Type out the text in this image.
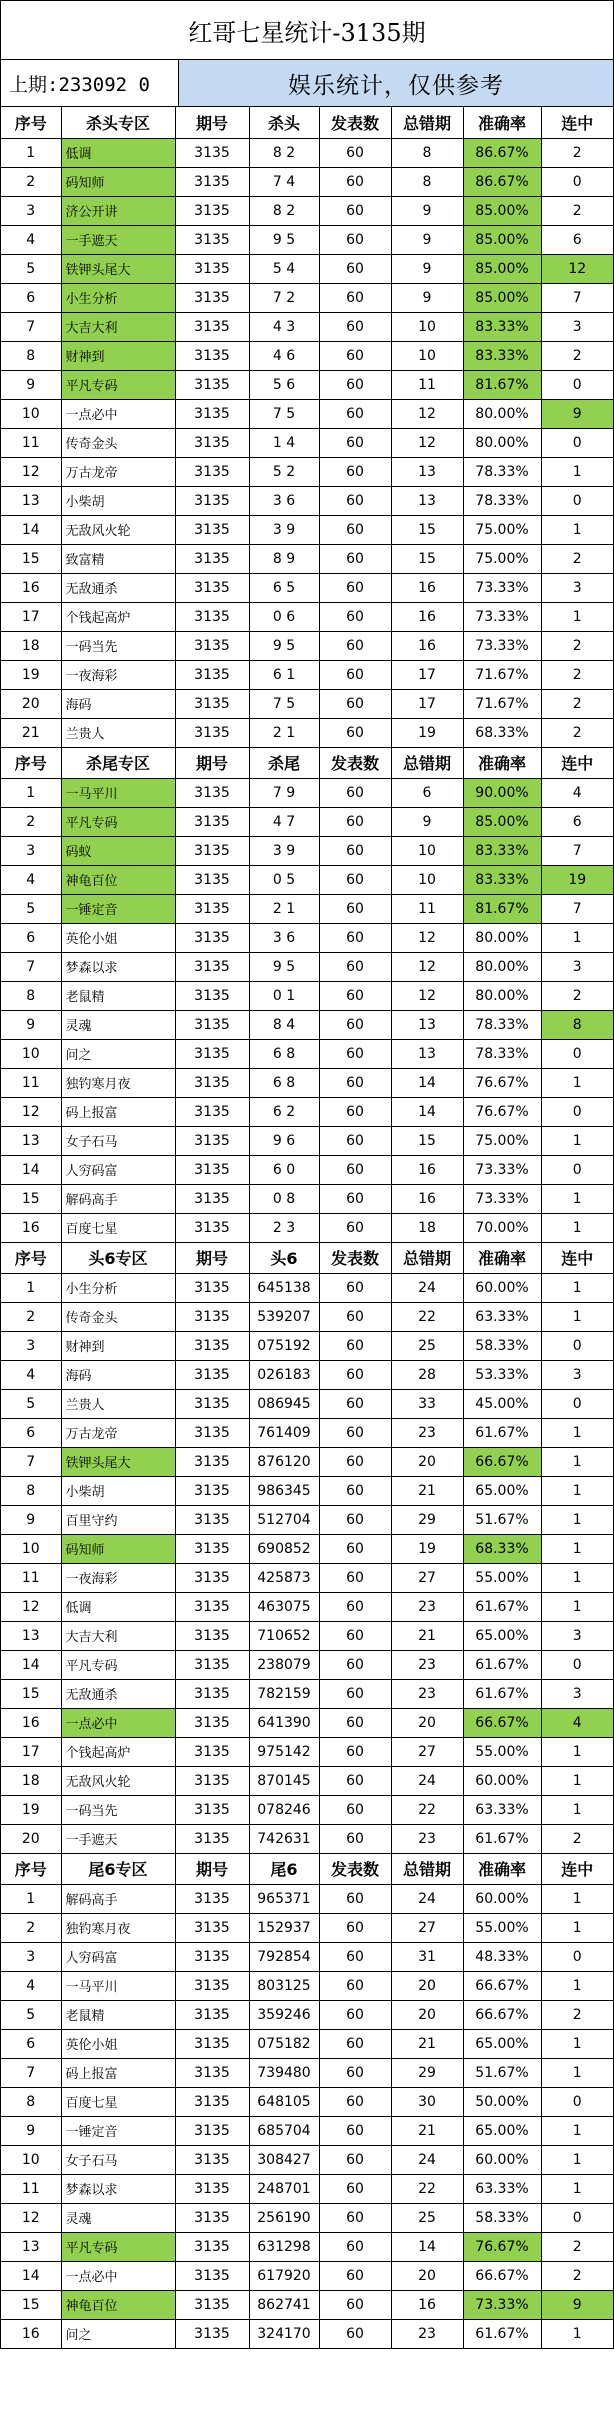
红哥七星统计-3135期
上期:233092 0	娱乐统计，仅供参考
序号	杀头专区	期号	杀头	发表数	总错期	准确率	连中
1	低调	3135	8 2	60	8	86.67%	2
2	码知师	3135	7 4	60	8	86.67%	0
3	济公开讲	3135	8 2	60	9	85.00%	2
4	一手遮天	3135	9 5	60	9	85.00%	6
5	铁钾头尾大	3135	5 4	60	9	85.00%	12
6	小生分析	3135	7 2	60	9	85.00%	7
7	大吉大利	3135	4 3	60	10	83.33%	3
8	财神到	3135	4 6	60	10	83.33%	2
9	平凡专码	3135	5 6	60	11	81.67%	0
10	一点必中	3135	7 5	60	12	80.00%	9
11	传奇金头	3135	1 4	60	12	80.00%	0
12	万古龙帝	3135	5 2	60	13	78.33%	1
13	小柴胡	3135	3 6	60	13	78.33%	0
14	无敌风火轮	3135	3 9	60	15	75.00%	1
15	致富精	3135	8 9	60	15	75.00%	2
16	无敌通杀	3135	6 5	60	16	73.33%	3
17	个钱起高炉	3135	0 6	60	16	73.33%	1
18	一码当先	3135	9 5	60	16	73.33%	2
19	一夜海彩	3135	6 1	60	17	71.67%	2
20	海码	3135	7 5	60	17	71.67%	2
21	兰贵人	3135	2 1	60	19	68.33%	2
序号	杀尾专区	期号	杀尾	发表数	总错期	准确率	连中
1	一马平川	3135	7 9	60	6	90.00%	4
2	平凡专码	3135	4 7	60	9	85.00%	6
3	码蚁	3135	3 9	60	10	83.33%	7
4	神龟百位	3135	0 5	60	10	83.33%	19
5	一锤定音	3135	2 1	60	11	81.67%	7
6	英伦小姐	3135	3 6	60	12	80.00%	1
7	梦森以求	3135	9 5	60	12	80.00%	3
8	老鼠精	3135	0 1	60	12	80.00%	2
9	灵魂	3135	8 4	60	13	78.33%	8
10	问之	3135	6 8	60	13	78.33%	0
11	独钓寒月夜	3135	6 8	60	14	76.67%	1
12	码上报富	3135	6 2	60	14	76.67%	0
13	女子石马	3135	9 6	60	15	75.00%	1
14	人穷码富	3135	6 0	60	16	73.33%	0
15	解码高手	3135	0 8	60	16	73.33%	1
16	百度七星	3135	2 3	60	18	70.00%	1
序号	头6专区	期号	头6	发表数	总错期	准确率	连中
1	小生分析	3135	645138	60	24	60.00%	1
2	传奇金头	3135	539207	60	22	63.33%	1
3	财神到	3135	075192	60	25	58.33%	0
4	海码	3135	026183	60	28	53.33%	3
5	兰贵人	3135	086945	60	33	45.00%	0
6	万古龙帝	3135	761409	60	23	61.67%	1
7	铁钾头尾大	3135	876120	60	20	66.67%	1
8	小柴胡	3135	986345	60	21	65.00%	1
9	百里守约	3135	512704	60	29	51.67%	1
10	码知师	3135	690852	60	19	68.33%	1
11	一夜海彩	3135	425873	60	27	55.00%	1
12	低调	3135	463075	60	23	61.67%	1
13	大吉大利	3135	710652	60	21	65.00%	3
14	平凡专码	3135	238079	60	23	61.67%	0
15	无敌通杀	3135	782159	60	23	61.67%	3
16	一点必中	3135	641390	60	20	66.67%	4
17	个钱起高炉	3135	975142	60	27	55.00%	1
18	无敌风火轮	3135	870145	60	24	60.00%	1
19	一码当先	3135	078246	60	22	63.33%	1
20	一手遮天	3135	742631	60	23	61.67%	2
序号	尾6专区	期号	尾6	发表数	总错期	准确率	连中
1	解码高手	3135	965371	60	24	60.00%	1
2	独钓寒月夜	3135	152937	60	27	55.00%	1
3	人穷码富	3135	792854	60	31	48.33%	0
4	一马平川	3135	803125	60	20	66.67%	1
5	老鼠精	3135	359246	60	20	66.67%	2
6	英伦小姐	3135	075182	60	21	65.00%	1
7	码上报富	3135	739480	60	29	51.67%	1
8	百度七星	3135	648105	60	30	50.00%	0
9	一锤定音	3135	685704	60	21	65.00%	1
10	女子石马	3135	308427	60	24	60.00%	1
11	梦森以求	3135	248701	60	22	63.33%	1
12	灵魂	3135	256190	60	25	58.33%	0
13	平凡专码	3135	631298	60	14	76.67%	2
14	一点必中	3135	617920	60	20	66.67%	2
15	神龟百位	3135	862741	60	16	73.33%	9
16	问之	3135	324170	60	23	61.67%	1
